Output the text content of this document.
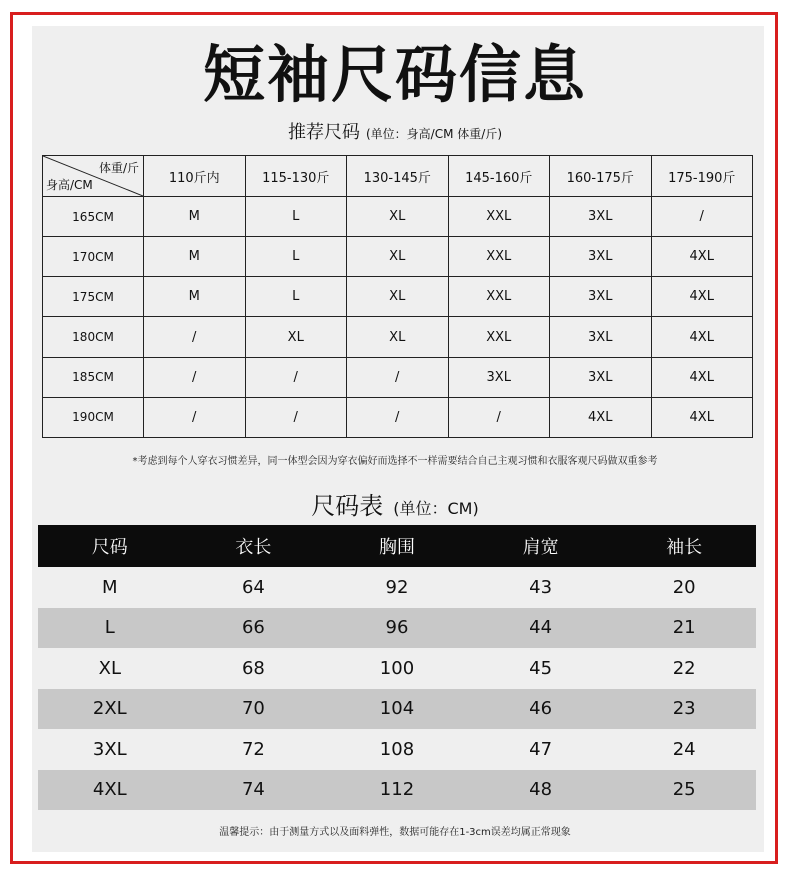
短袖尺码信息
推荐尺码 (单位：身高/CM 体重/斤)
体重/斤
身高/CM	110斤内	115-130斤	130-145斤	145-160斤	160-175斤	175-190斤
165CM	M	L	XL	XXL	3XL	/
170CM	M	L	XL	XXL	3XL	4XL
175CM	M	L	XL	XXL	3XL	4XL
180CM	/	XL	XL	XXL	3XL	4XL
185CM	/	/	/	3XL	3XL	4XL
190CM	/	/	/	/	4XL	4XL
*考虑到每个人穿衣习惯差异，同一体型会因为穿衣偏好而选择不一样需要结合自己主观习惯和衣服客观尺码做双重参考
尺码表 (单位：CM)
尺码	衣长	胸围	肩宽	袖长
M	64	92	43	20
L	66	96	44	21
XL	68	100	45	22
2XL	70	104	46	23
3XL	72	108	47	24
4XL	74	112	48	25
温馨提示：由于测量方式以及面料弹性，数据可能存在1-3cm误差均属正常现象
